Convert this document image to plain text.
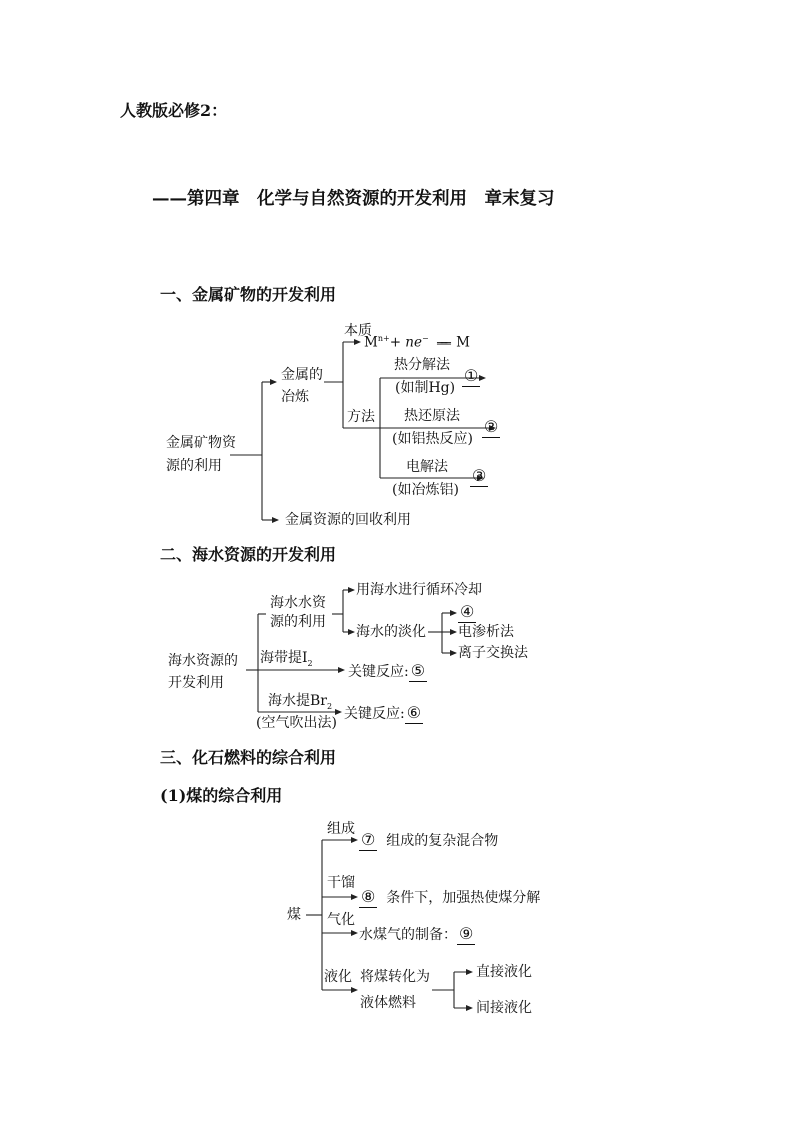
人教版必修2：
——第四章　化学与自然资源的开发利用　章末复习
一、金属矿物的开发利用
金属矿物资
源的利用
金属的
冶炼
本质
$M^{n+}+ ne^-$ ═══ M
方法
热分解法
(如制Hg)
①
热还原法
(如铝热反应)
②
电解法
(如冶炼铝)
③
金属资源的回收利用
二、海水资源的开发利用
海水资源的
开发利用
海水水资
源的利用
用海水进行循环冷却
海水的淡化
④
电渗析法
离子交换法
海带提$I_2$
关键反应: ⑤
海水提$Br_2$
(空气吹出法)
关键反应: ⑥
三、化石燃料的综合利用
(1)煤的综合利用
煤
组成
⑦ 组成的复杂混合物
干馏
⑧ 条件下，加强热使煤分解
气化
水煤气的制备： ⑨
液化 将煤转化为
液体燃料
直接液化
间接液化
